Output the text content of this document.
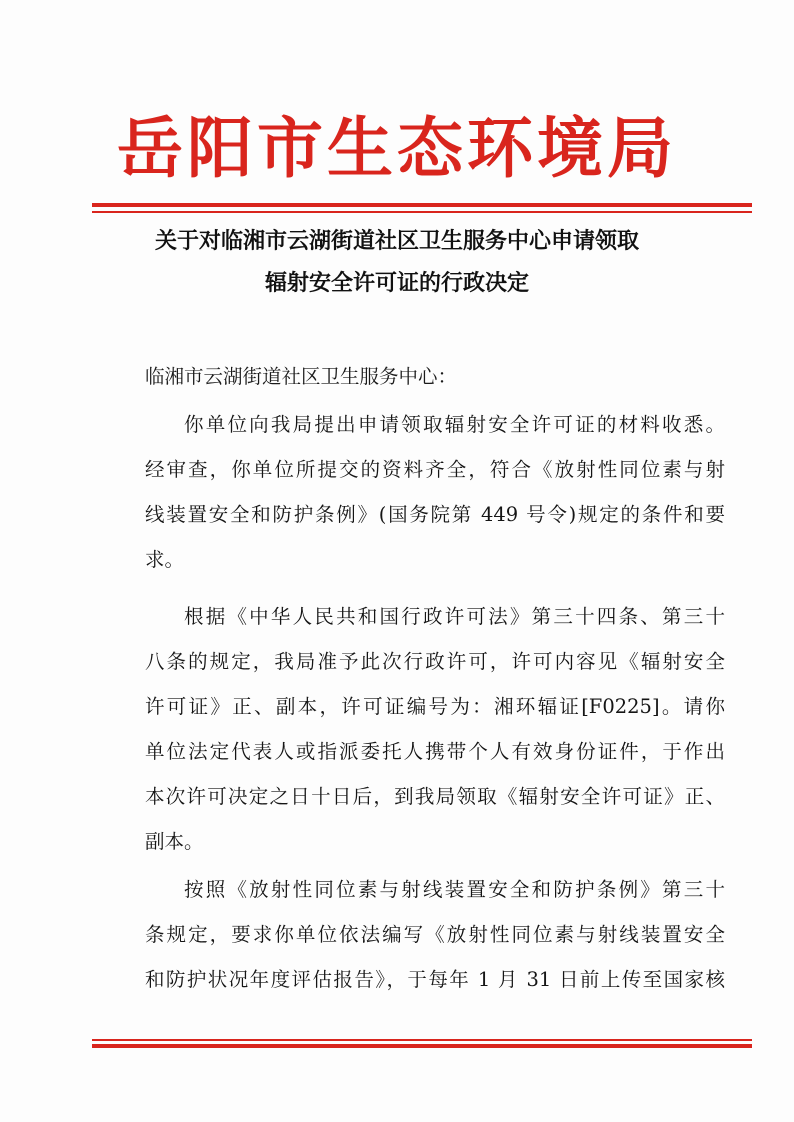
岳阳市生态环境局
关于对临湘市云湖街道社区卫生服务中心申请领取
辐射安全许可证的行政决定
临湘市云湖街道社区卫生服务中心：
你单位向我局提出申请领取辐射安全许可证的材料收悉。
经审查，你单位所提交的资料齐全，符合《放射性同位素与射
线装置安全和防护条例》(国务院第 449 号令)规定的条件和要
求。
根据《中华人民共和国行政许可法》第三十四条、第三十
八条的规定，我局准予此次行政许可，许可内容见《辐射安全
许可证》正、副本，许可证编号为：湘环辐证[F0225]。请你
单位法定代表人或指派委托人携带个人有效身份证件，于作出
本次许可决定之日十日后，到我局领取《辐射安全许可证》正、
副本。
按照《放射性同位素与射线装置安全和防护条例》第三十
条规定，要求你单位依法编写《放射性同位素与射线装置安全
和防护状况年度评估报告》，于每年 1 月 31 日前上传至国家核
